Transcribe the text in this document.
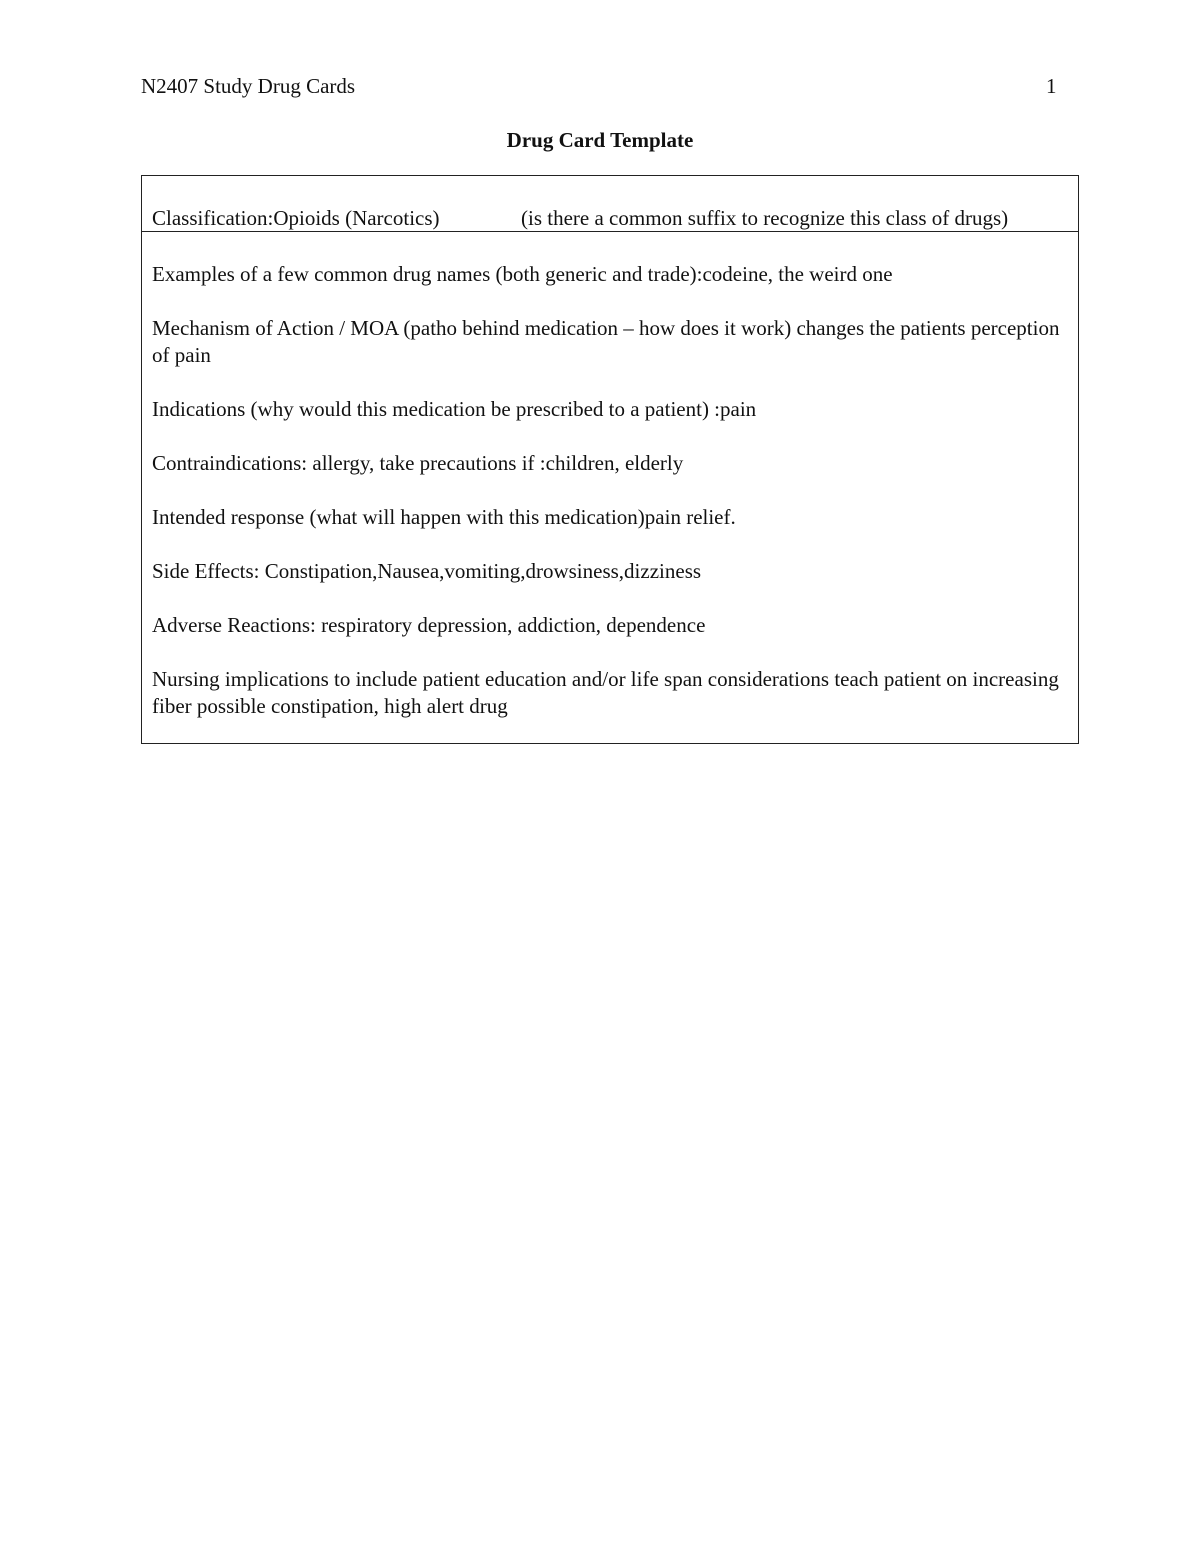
N2407 Study Drug Cards	1
Drug Card Template
Classification:Opioids (Narcotics)	(is there a common suffix to recognize this class of drugs)

Examples of a few common drug names (both generic and trade):codeine, the weird one

Mechanism of Action / MOA (patho behind medication – how does it work) changes the patients perception of pain

Indications (why would this medication be prescribed to a patient) :pain

Contraindications: allergy, take precautions if :children, elderly

Intended response (what will happen with this medication)pain relief.

Side Effects: Constipation,Nausea,vomiting,drowsiness,dizziness

Adverse Reactions: respiratory depression, addiction, dependence

Nursing implications to include patient education and/or life span considerations teach patient on increasing fiber possible constipation, high alert drug
